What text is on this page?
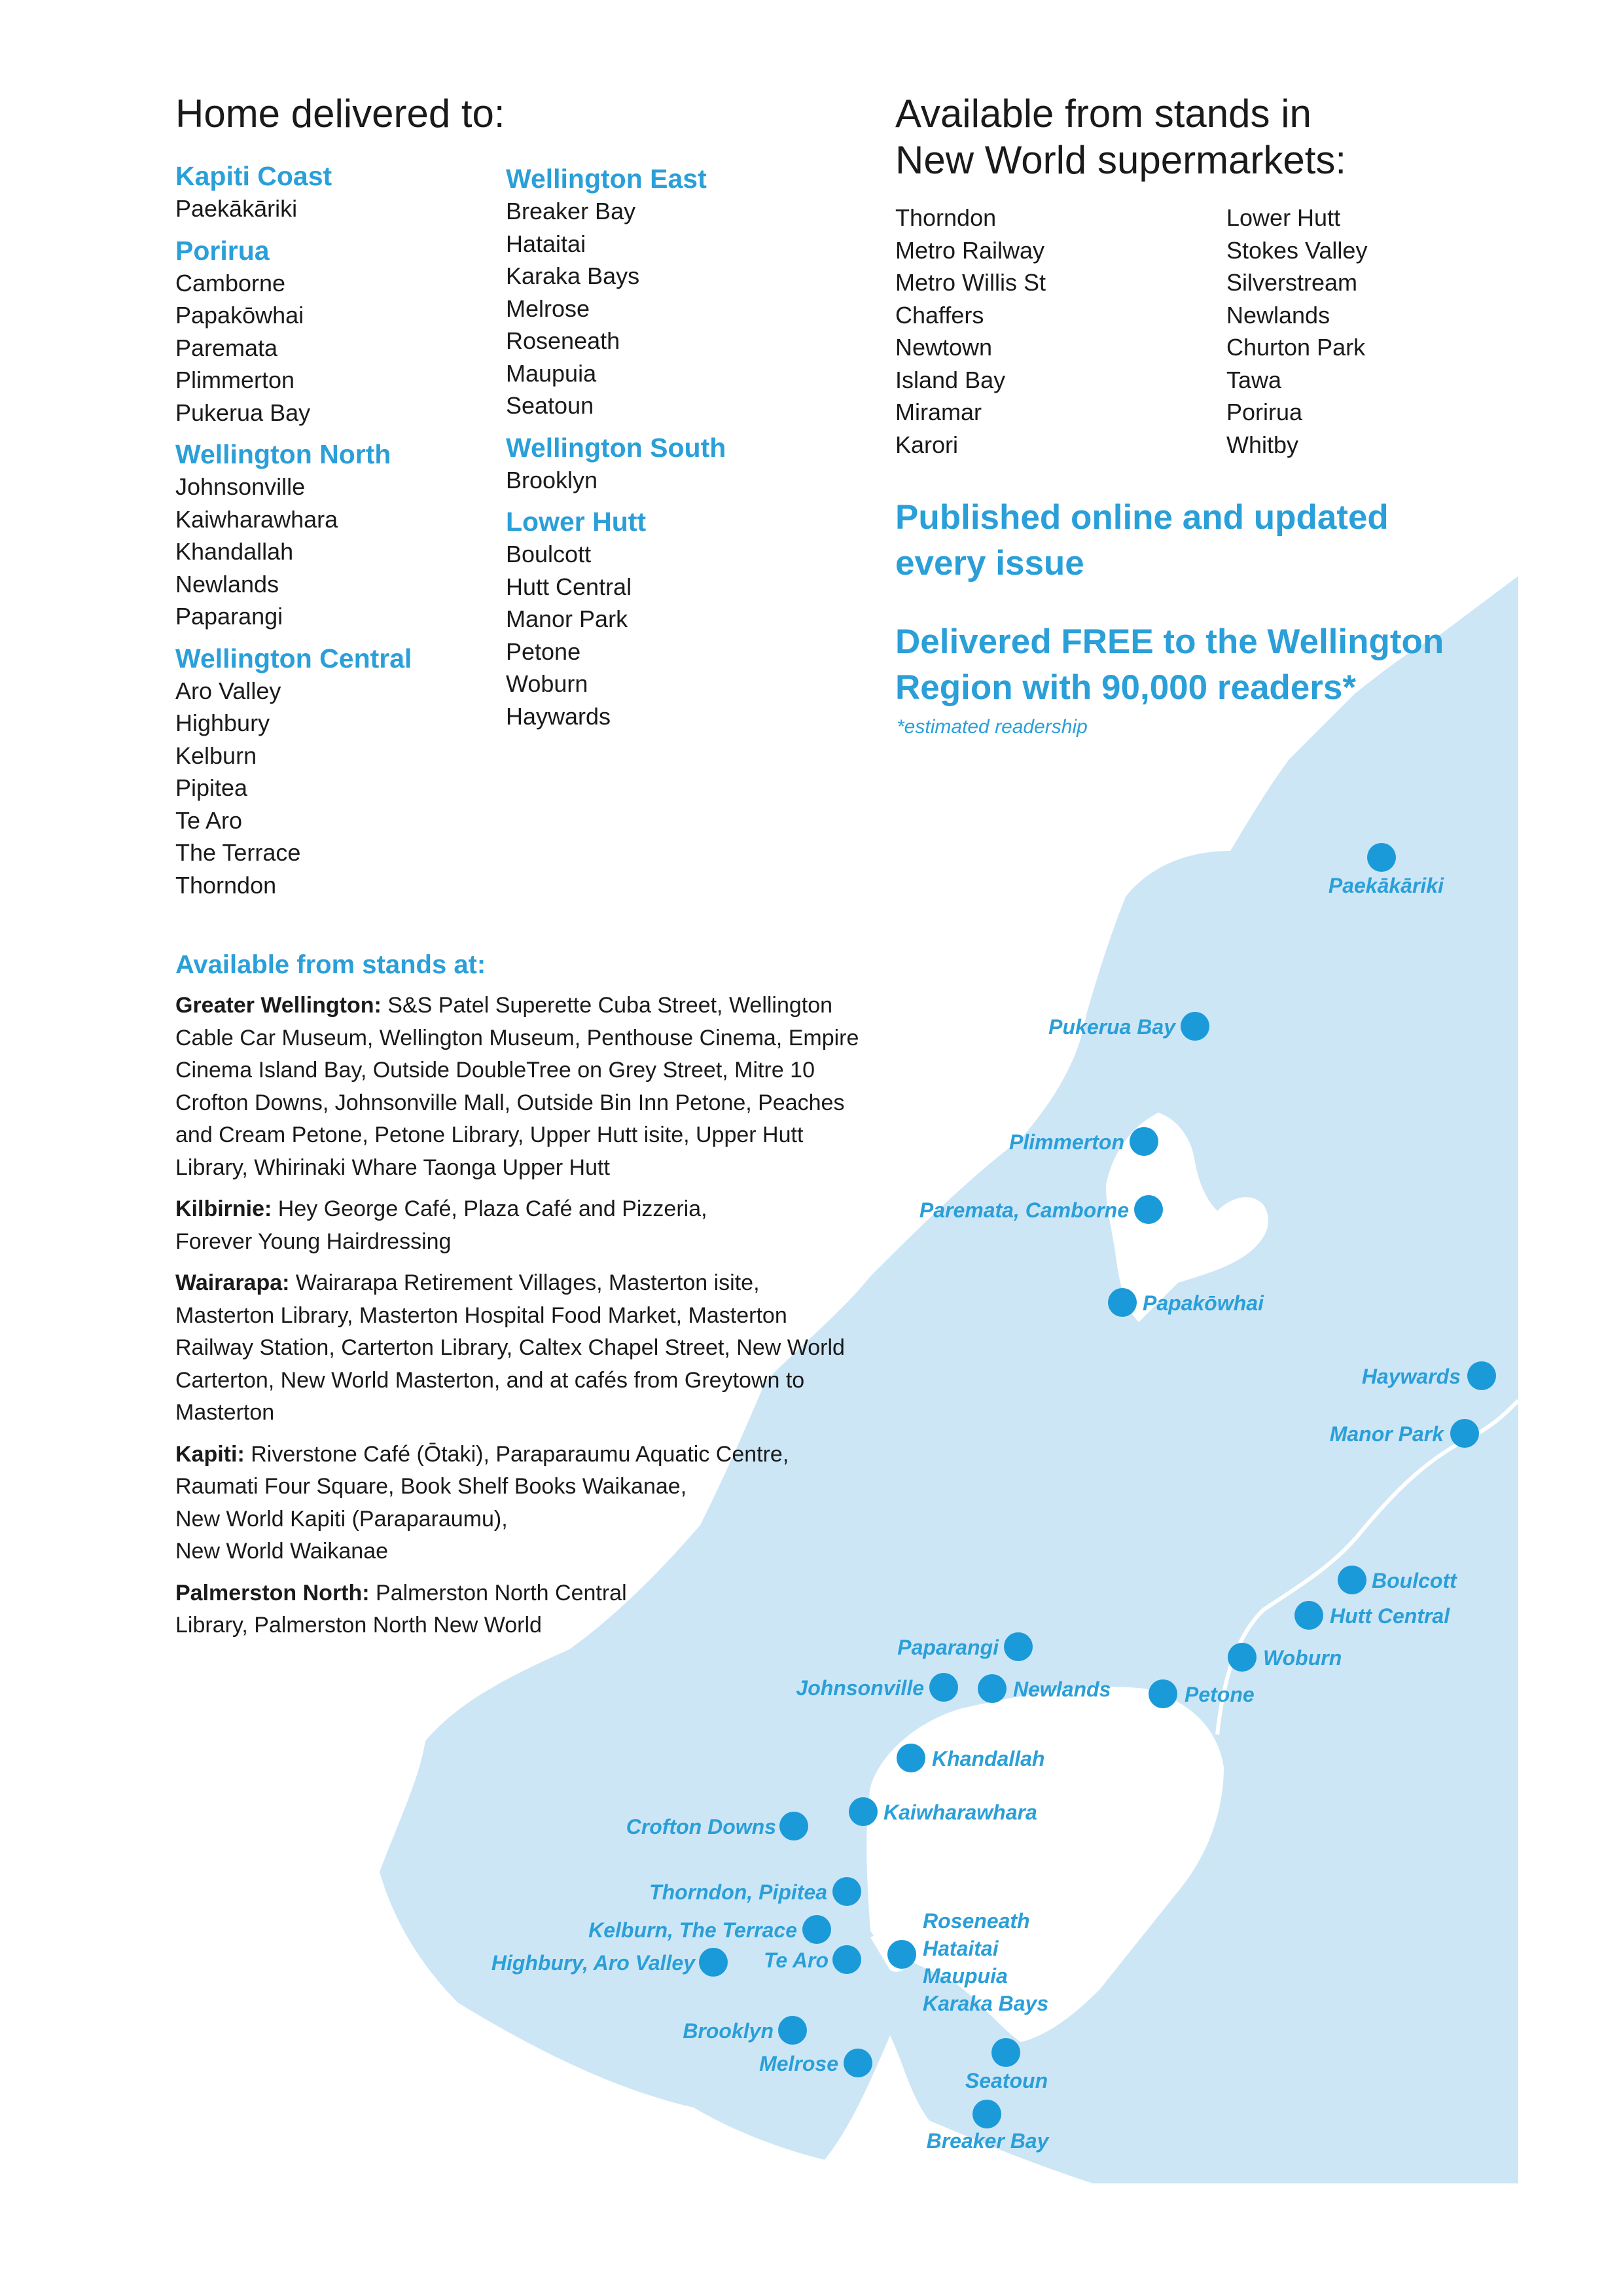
Paekākāriki
Pukerua Bay
Plimmerton
Paremata, Camborne
Papakōwhai
Haywards
Manor Park
Boulcott
Hutt Central
Woburn
Petone
Paparangi
Johnsonville	Newlands
Khandallah
Kaiwharawhara
Crofton Downs
Thorndon, Pipitea
Kelburn, The Terrace
Highbury, Aro Valley	Te Aro
Brooklyn
Melrose
Seatoun
Breaker Bay
Roseneath
Hataitai
Maupuia
Karaka Bays
Home delivered to:

Kapiti Coast

Paekākāriki

Porirua

Camborne

Papakōwhai

Paremata

Plimmerton

Pukerua Bay

Wellington North

Johnsonville

Kaiwharawhara

Khandallah

Newlands

Paparangi

Wellington Central

Aro Valley

Highbury

Kelburn

Pipitea

Te Aro

The Terrace

Thorndon

Wellington East

Breaker Bay

Hataitai

Karaka Bays

Melrose

Roseneath

Maupuia

Seatoun

Wellington South

Brooklyn

Lower Hutt

Boulcott

Hutt Central

Manor Park

Petone

Woburn

Haywards

Available from stands in
New World supermarkets:

Thorndon

Metro Railway

Metro Willis St

Chaffers

Newtown

Island Bay

Miramar

Karori

Lower Hutt

Stokes Valley

Silverstream

Newlands

Churton Park

Tawa

Porirua

Whitby

Published online and updated

every issue

Delivered FREE to the Wellington

Region with 90,000 readers*

*estimated readership

Available from stands at:

Greater Wellington: S&S Patel Superette Cuba Street, Wellington
Cable Car Museum, Wellington Museum, Penthouse Cinema, Empire
Cinema Island Bay, Outside DoubleTree on Grey Street, Mitre 10
Crofton Downs, Johnsonville Mall, Outside Bin Inn Petone, Peaches
and Cream Petone, Petone Library, Upper Hutt isite, Upper Hutt
Library, Whirinaki Whare Taonga Upper Hutt

Kilbirnie: Hey George Café, Plaza Café and Pizzeria,
Forever Young Hairdressing

Wairarapa: Wairarapa Retirement Villages, Masterton isite,
Masterton Library, Masterton Hospital Food Market, Masterton
Railway Station, Carterton Library, Caltex Chapel Street, New World
Carterton, New World Masterton, and at cafés from Greytown to
Masterton

Kapiti: Riverstone Café (Ōtaki), Paraparaumu Aquatic Centre,
Raumati Four Square, Book Shelf Books Waikanae,
New World Kapiti (Paraparaumu),
New World Waikanae

Palmerston North: Palmerston North Central
Library, Palmerston North New World
